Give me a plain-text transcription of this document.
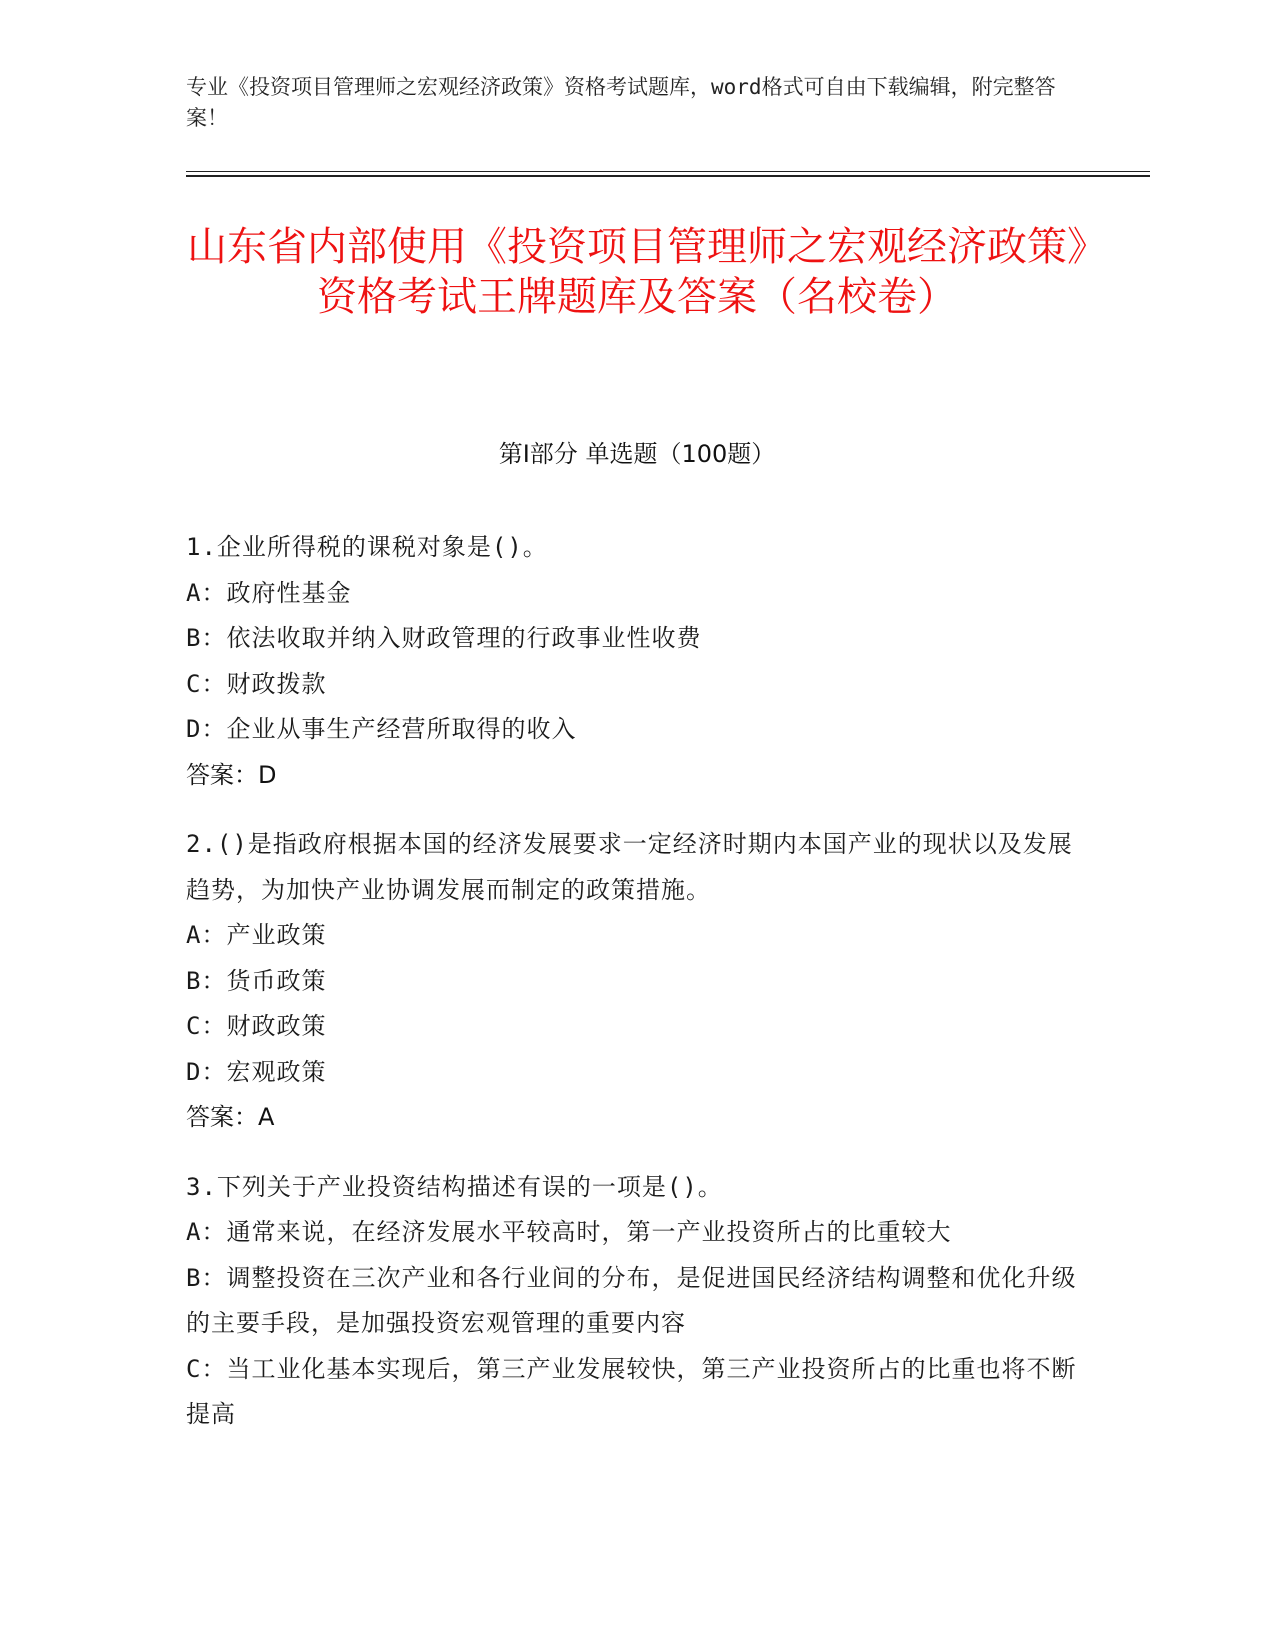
专业《投资项目管理师之宏观经济政策》资格考试题库，word格式可自由下载编辑，附完整答案！
山东省内部使用《投资项目管理师之宏观经济政策》资格考试王牌题库及答案（名校卷）
第Ⅰ部分 单选题（100题）
1.企业所得税的课税对象是()。
A：政府性基金
B：依法收取并纳入财政管理的行政事业性收费
C：财政拨款
D：企业从事生产经营所取得的收入
答案：D
2.()是指政府根据本国的经济发展要求一定经济时期内本国产业的现状以及发展趋势，为加快产业协调发展而制定的政策措施。
A：产业政策
B：货币政策
C：财政政策
D：宏观政策
答案：A
3.下列关于产业投资结构描述有误的一项是()。
A：通常来说，在经济发展水平较高时，第一产业投资所占的比重较大
B：调整投资在三次产业和各行业间的分布，是促进国民经济结构调整和优化升级的主要手段，是加强投资宏观管理的重要内容
C：当工业化基本实现后，第三产业发展较快，第三产业投资所占的比重也将不断提高
